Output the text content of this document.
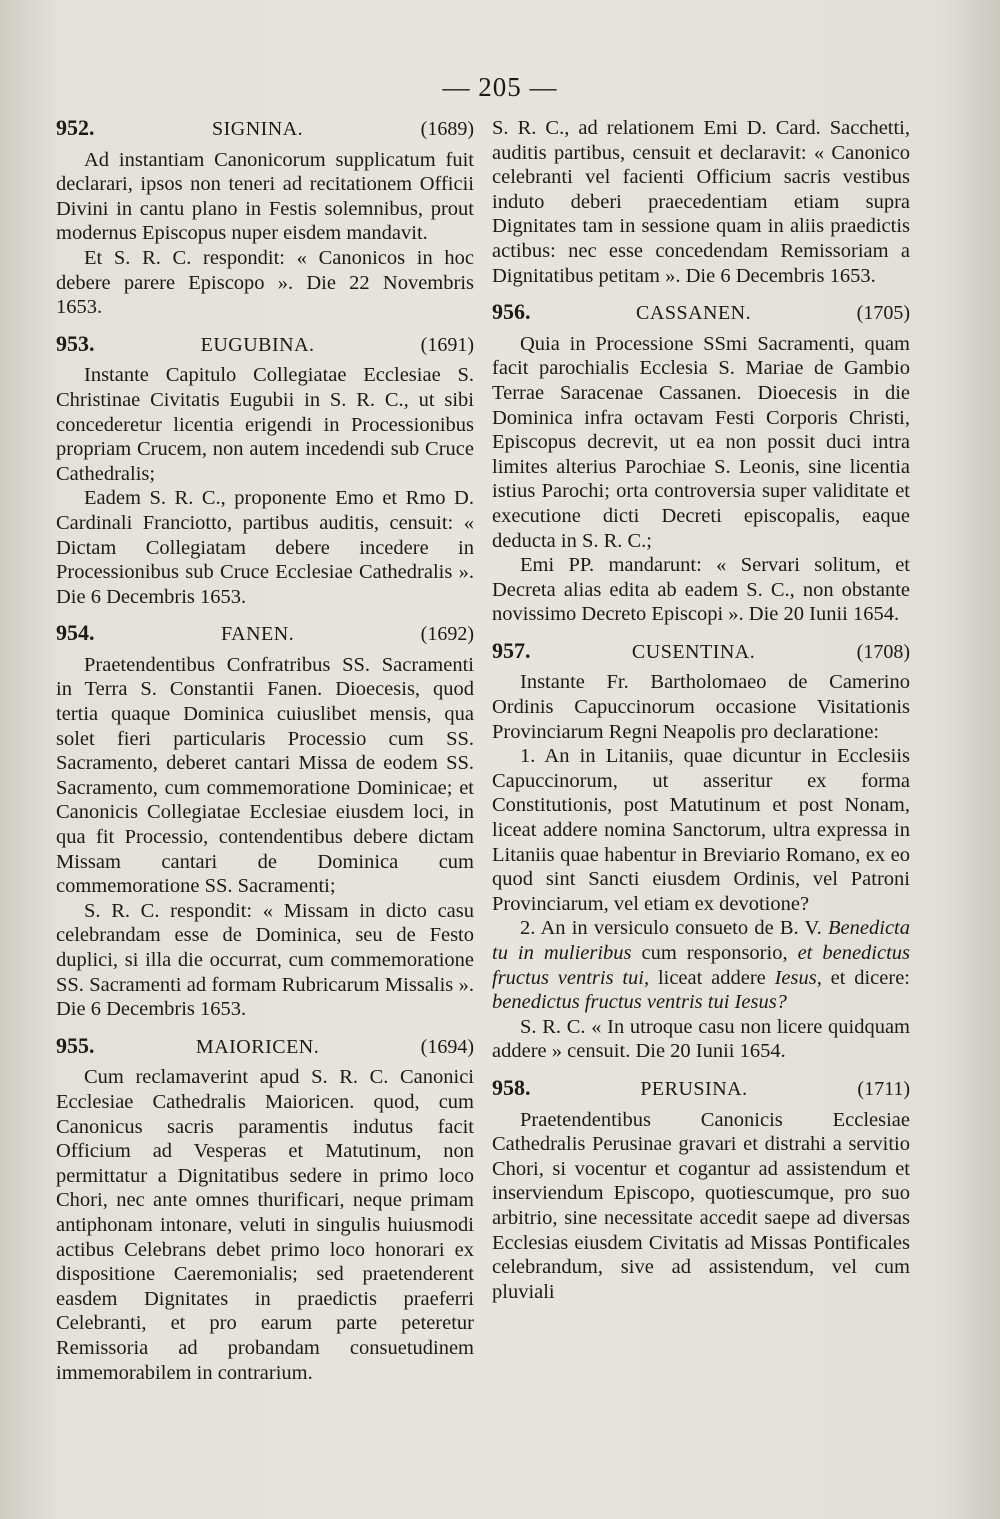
— 205 —
952.	SIGNINA.	(1689)

Ad instantiam Canonicorum supplicatum fuit declarari, ipsos non teneri ad recitationem Officii Divini in cantu plano in Festis solemnibus, prout modernus Episcopus nuper eisdem mandavit.

Et S. R. C. respondit: « Canonicos in hoc debere parere Episcopo ». Die 22 Novembris 1653.

953.	EUGUBINA.	(1691)

Instante Capitulo Collegiatae Ecclesiae S. Christinae Civitatis Eugubii in S. R. C., ut sibi concederetur licentia erigendi in Processionibus propriam Crucem, non autem incedendi sub Cruce Cathedralis;

Eadem S. R. C., proponente Emo et Rmo D. Cardinali Franciotto, partibus auditis, censuit: « Dictam Collegiatam debere incedere in Processionibus sub Cruce Ecclesiae Cathedralis ». Die 6 Decembris 1653.

954.	FANEN.	(1692)

Praetendentibus Confratribus SS. Sacramenti in Terra S. Constantii Fanen. Dioecesis, quod tertia quaque Dominica cuiuslibet mensis, qua solet fieri particularis Processio cum SS. Sacramento, deberet cantari Missa de eodem SS. Sacramento, cum commemoratione Dominicae; et Canonicis Collegiatae Ecclesiae eiusdem loci, in qua fit Processio, contendentibus debere dictam Missam cantari de Dominica cum commemoratione SS. Sacramenti;

S. R. C. respondit: « Missam in dicto casu celebrandam esse de Dominica, seu de Festo duplici, si illa die occurrat, cum commemoratione SS. Sacramenti ad formam Rubricarum Missalis ». Die 6 Decembris 1653.

955.	MAIORICEN.	(1694)

Cum reclamaverint apud S. R. C. Canonici Ecclesiae Cathedralis Maioricen. quod, cum Canonicus sacris paramentis indutus facit Officium ad Vesperas et Matutinum, non permittatur a Dignitatibus sedere in primo loco Chori, nec ante omnes thurificari, neque primam antiphonam intonare, veluti in singulis huiusmodi actibus Celebrans debet primo loco honorari ex dispositione Caeremonialis; sed praetenderent easdem Dignitates in praedictis praeferri Celebranti, et pro earum parte peteretur Remissoria ad probandam consuetudinem immemorabilem in contrarium.

S. R. C., ad relationem Emi D. Card. Sacchetti, auditis partibus, censuit et declaravit: « Canonico celebranti vel facienti Officium sacris vestibus induto deberi praecedentiam etiam supra Dignitates tam in sessione quam in aliis praedictis actibus: nec esse concedendam Remissoriam a Dignitatibus petitam ». Die 6 Decembris 1653.

956.	CASSANEN.	(1705)

Quia in Processione SSmi Sacramenti, quam facit parochialis Ecclesia S. Mariae de Gambio Terrae Saracenae Cassanen. Dioecesis in die Dominica infra octavam Festi Corporis Christi, Episcopus decrevit, ut ea non possit duci intra limites alterius Parochiae S. Leonis, sine licentia istius Parochi; orta controversia super validitate et executione dicti Decreti episcopalis, eaque deducta in S. R. C.;

Emi PP. mandarunt: « Servari solitum, et Decreta alias edita ab eadem S. C., non obstante novissimo Decreto Episcopi ». Die 20 Iunii 1654.

957.	CUSENTINA.	(1708)

Instante Fr. Bartholomaeo de Camerino Ordinis Capuccinorum occasione Visitationis Provinciarum Regni Neapolis pro declaratione:

1. An in Litaniis, quae dicuntur in Ecclesiis Capuccinorum, ut asseritur ex forma Constitutionis, post Matutinum et post Nonam, liceat addere nomina Sanctorum, ultra expressa in Litaniis quae habentur in Breviario Romano, ex eo quod sint Sancti eiusdem Ordinis, vel Patroni Provinciarum, vel etiam ex devotione?

2. An in versiculo consueto de B. V. Benedicta tu in mulieribus cum responsorio, et benedictus fructus ventris tui, liceat addere Iesus, et dicere: benedictus fructus ventris tui Iesus?

S. R. C. « In utroque casu non licere quidquam addere » censuit. Die 20 Iunii 1654.

958.	PERUSINA.	(1711)

Praetendentibus Canonicis Ecclesiae Cathedralis Perusinae gravari et distrahi a servitio Chori, si vocentur et cogantur ad assistendum et inserviendum Episcopo, quotiescumque, pro suo arbitrio, sine necessitate accedit saepe ad diversas Ecclesias eiusdem Civitatis ad Missas Pontificales celebrandum, sive ad assistendum, vel cum pluviali
